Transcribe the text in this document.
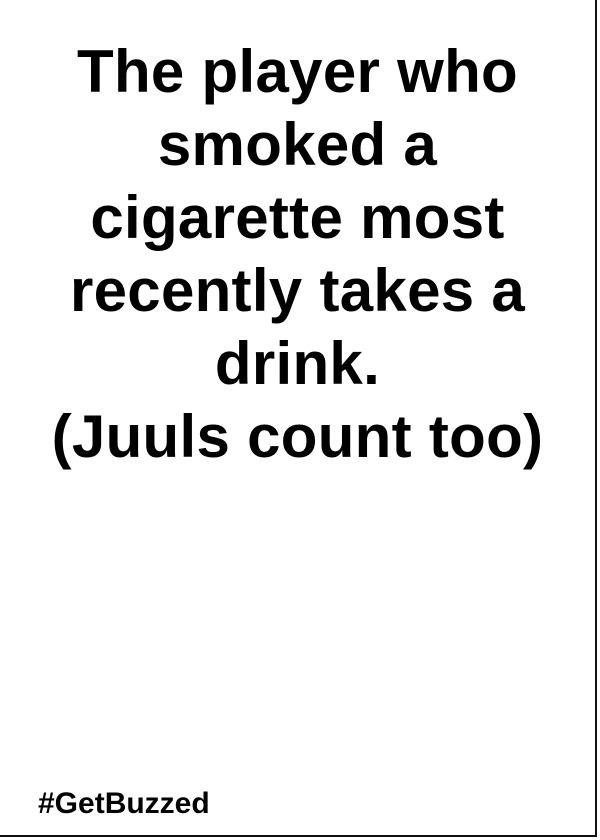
The player who
smoked a
cigarette most
recently takes a
drink.
(Juuls count too)

#GetBuzzed
